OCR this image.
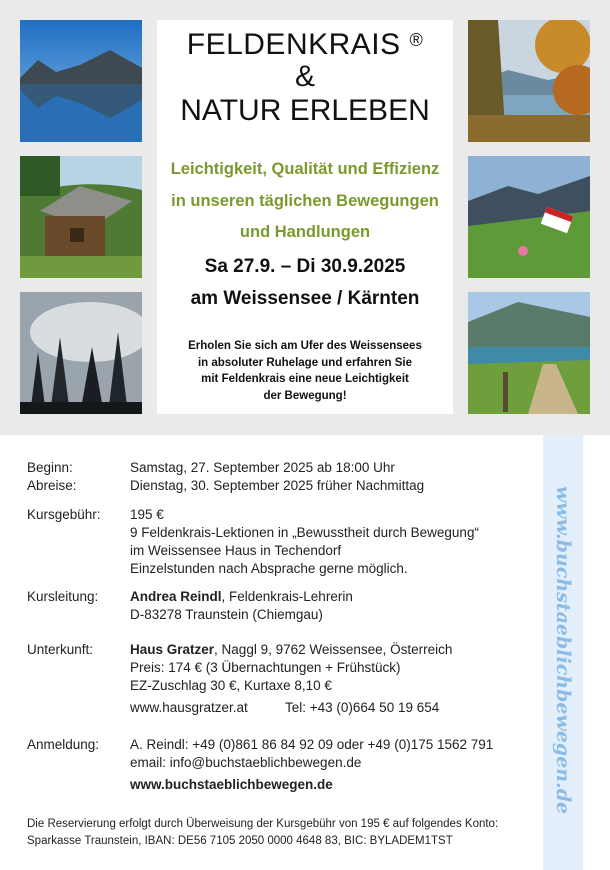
FELDENKRAIS ®
&
NATUR ERLEBEN
Leichtigkeit, Qualität und Effizienz
in unseren täglichen Bewegungen
und Handlungen
Sa 27.9. – Di 30.9.2025
am Weissensee / Kärnten
Erholen Sie sich am Ufer des Weissensees
in absoluter Ruhelage und erfahren Sie
mit Feldenkrais eine neue Leichtigkeit
der Bewegung!
Beginn:	Samstag, 27. September 2025 ab 18:00 Uhr
Abreise:	Dienstag, 30. September 2025 früher Nachmittag
Kursgebühr: 195 €
9 Feldenkrais-Lektionen in „Bewusstheit durch Bewegung“
im Weissensee Haus in Techendorf
Einzelstunden nach Absprache gerne möglich.
Kursleitung: Andrea Reindl, Feldenkrais-Lehrerin
D-83278 Traunstein (Chiemgau)
Unterkunft:	Haus Gratzer, Naggl 9, 9762 Weissensee, Österreich
Preis: 174 € (3 Übernachtungen + Frühstück)
EZ-Zuschlag 30 €, Kurtaxe 8,10 €
www.hausgratzer.at	Tel: +43 (0)664 50 19 654
Anmeldung: A. Reindl: +49 (0)861 86 84 92 09 oder +49 (0)175 1562 791
email: info@buchstaeblichbewegen.de
www.buchstaeblichbewegen.de
Die Reservierung erfolgt durch Überweisung der Kursgebühr von 195 € auf folgendes Konto:
Sparkasse Traunstein, IBAN: DE56 7105 2050 0000 4648 83, BIC: BYLADEM1TST
www.buchstaeblichbewegen.de
